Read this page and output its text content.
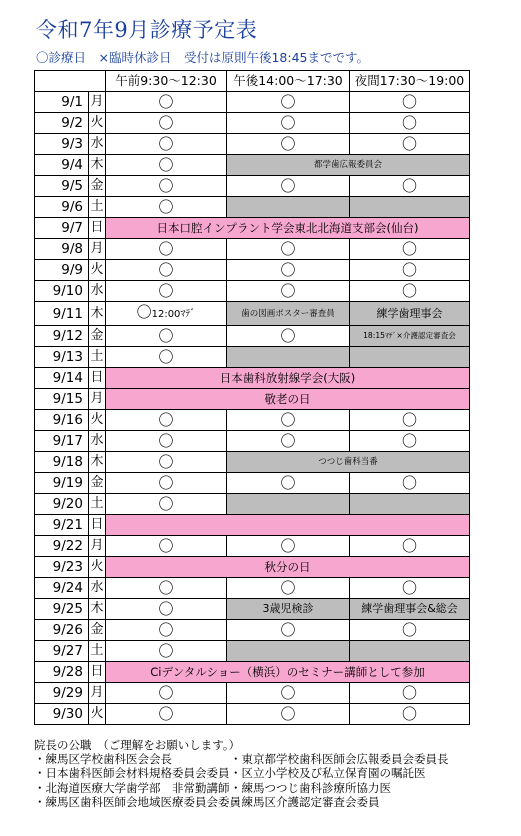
令和7年9月診療予定表
〇診療日　×臨時休診日　受付は原則午後18:45までです。
		午前9:30～12:30	午後14:00～17:30	夜間17:30～19:00
9/1	月	〇	〇	〇
9/2	火	〇	〇	〇
9/3	水	〇	〇	〇
9/4	木	〇	都学歯広報委員会	
9/5	金	〇	〇	〇
9/6	土	〇		
9/7	日	日本口腔インプラント学会東北北海道支部会(仙台)		
9/8	月	〇	〇	〇
9/9	火	〇	〇	〇
9/10	水	〇	〇	〇
9/11	木	〇12:00ﾏﾃﾞ	歯の図画ポスター審査員	練学歯理事会
9/12	金	〇	〇	18:15ﾏﾃﾞ×介護認定審査会
9/13	土	〇		
9/14	日	日本歯科放射線学会(大阪)		
9/15	月	敬老の日		
9/16	火	〇	〇	〇
9/17	水	〇	〇	〇
9/18	木	〇	つつじ歯科当番	
9/19	金	〇	〇	〇
9/20	土	〇		
9/21	日			
9/22	月	〇	〇	〇
9/23	火	秋分の日		
9/24	水	〇	〇	〇
9/25	木	〇	3歳児検診	練学歯理事会&総会
9/26	金	〇	〇	〇
9/27	土	〇		
9/28	日	Ciデンタルショー（横浜）のセミナー講師として参加		
9/29	月	〇	〇	〇
9/30	火	〇	〇	〇
院長の公職　（ご理解をお願いします。）
・練馬区学校歯科医会会長	・東京都学校歯科医師会広報委員会委員長
・日本歯科医師会材料規格委員会委員 ・区立小学校及び私立保育園の嘱託医
・北海道医療大学歯学部　非常勤講師 ・練馬つつじ歯科診療所協力医
・練馬区歯科医師会地域医療委員会委員
・練馬区介護認定審査会委員
